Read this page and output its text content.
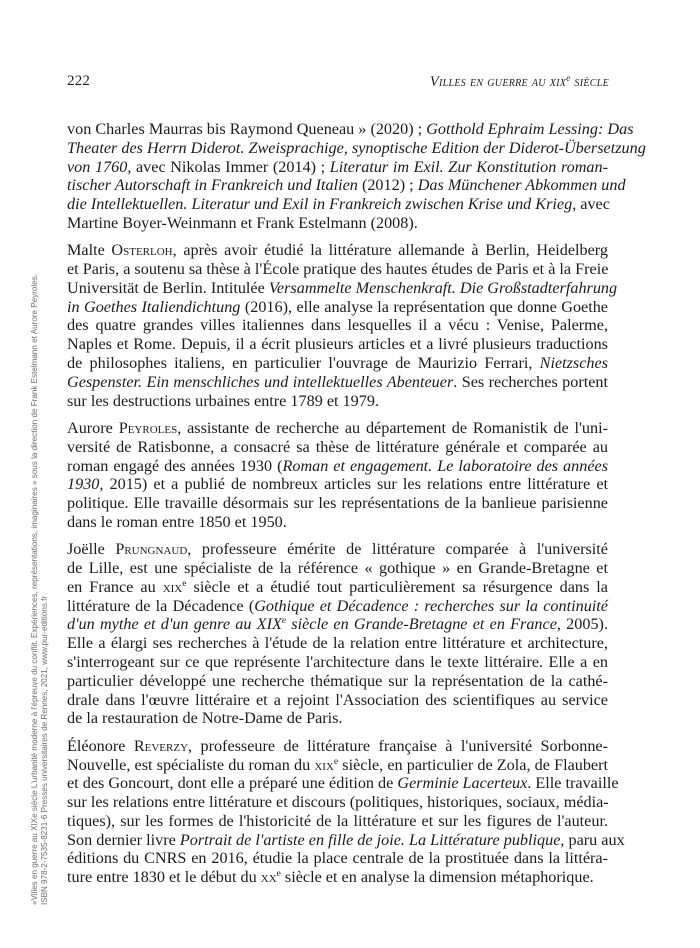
222	Villes en guerre au xix$^e$ siècle
«Villes en guerre au XIXe siècle L'urbanité moderne à l'épreuve du conflit. Expériences, représentations, imaginaires » sous la direction de Frank Estelmann et Aurore Peyroles. ISBN 978-2-7535-8231-6 Presses universitaires de Rennes, 2021, www.pur-editions.fr
von Charles Maurras bis Raymond Queneau » (2020) ; Gotthold Ephraim Lessing: Das
Theater des Herrn Diderot. Zweisprachige, synoptische Edition der Diderot-Übersetzung
von 1760, avec Nikolas Immer (2014) ; Literatur im Exil. Zur Konstitution roman-
tischer Autorschaft in Frankreich und Italien (2012) ; Das Münchener Abkommen und
die Intellektuellen. Literatur und Exil in Frankreich zwischen Krise und Krieg, avec
Martine Boyer-Weinmann et Frank Estelmann (2008).
Malte Osterloh, après avoir étudié la littérature allemande à Berlin, Heidelberg
et Paris, a soutenu sa thèse à l'École pratique des hautes études de Paris et à la Freie
Universität de Berlin. Intitulée Versammelte Menschenkraft. Die Großstadterfahrung
in Goethes Italiendichtung (2016), elle analyse la représentation que donne Goethe
des quatre grandes villes italiennes dans lesquelles il a vécu : Venise, Palerme,
Naples et Rome. Depuis, il a écrit plusieurs articles et a livré plusieurs traductions
de philosophes italiens, en particulier l'ouvrage de Maurizio Ferrari, Nietzsches
Gespenster. Ein menschliches und intellektuelles Abenteuer. Ses recherches portent
sur les destructions urbaines entre 1789 et 1979.
Aurore Peyroles, assistante de recherche au département de Romanistik de l'uni-
versité de Ratisbonne, a consacré sa thèse de littérature générale et comparée au
roman engagé des années 1930 (Roman et engagement. Le laboratoire des années
1930, 2015) et a publié de nombreux articles sur les relations entre littérature et
politique. Elle travaille désormais sur les représentations de la banlieue parisienne
dans le roman entre 1850 et 1950.
Joëlle Prungnaud, professeure émérite de littérature comparée à l'université
de Lille, est une spécialiste de la référence « gothique » en Grande-Bretagne et
en France au xix$^e$ siècle et a étudié tout particulièrement sa résurgence dans la
littérature de la Décadence (Gothique et Décadence : recherches sur la continuité
d'un mythe et d'un genre au XIXe siècle en Grande-Bretagne et en France, 2005).
Elle a élargi ses recherches à l'étude de la relation entre littérature et architecture,
s'interrogeant sur ce que représente l'architecture dans le texte littéraire. Elle a en
particulier développé une recherche thématique sur la représentation de la cathé-
drale dans l'œuvre littéraire et a rejoint l'Association des scientifiques au service
de la restauration de Notre-Dame de Paris.
Éléonore Reverzy, professeure de littérature française à l'université Sorbonne-
Nouvelle, est spécialiste du roman du xix$^e$ siècle, en particulier de Zola, de Flaubert
et des Goncourt, dont elle a préparé une édition de Germinie Lacerteux. Elle travaille
sur les relations entre littérature et discours (politiques, historiques, sociaux, média-
tiques), sur les formes de l'historicité de la littérature et sur les figures de l'auteur.
Son dernier livre Portrait de l'artiste en fille de joie. La Littérature publique, paru aux
éditions du CNRS en 2016, étudie la place centrale de la prostituée dans la littéra-
ture entre 1830 et le début du $xx^e$ siècle et en analyse la dimension métaphorique.
